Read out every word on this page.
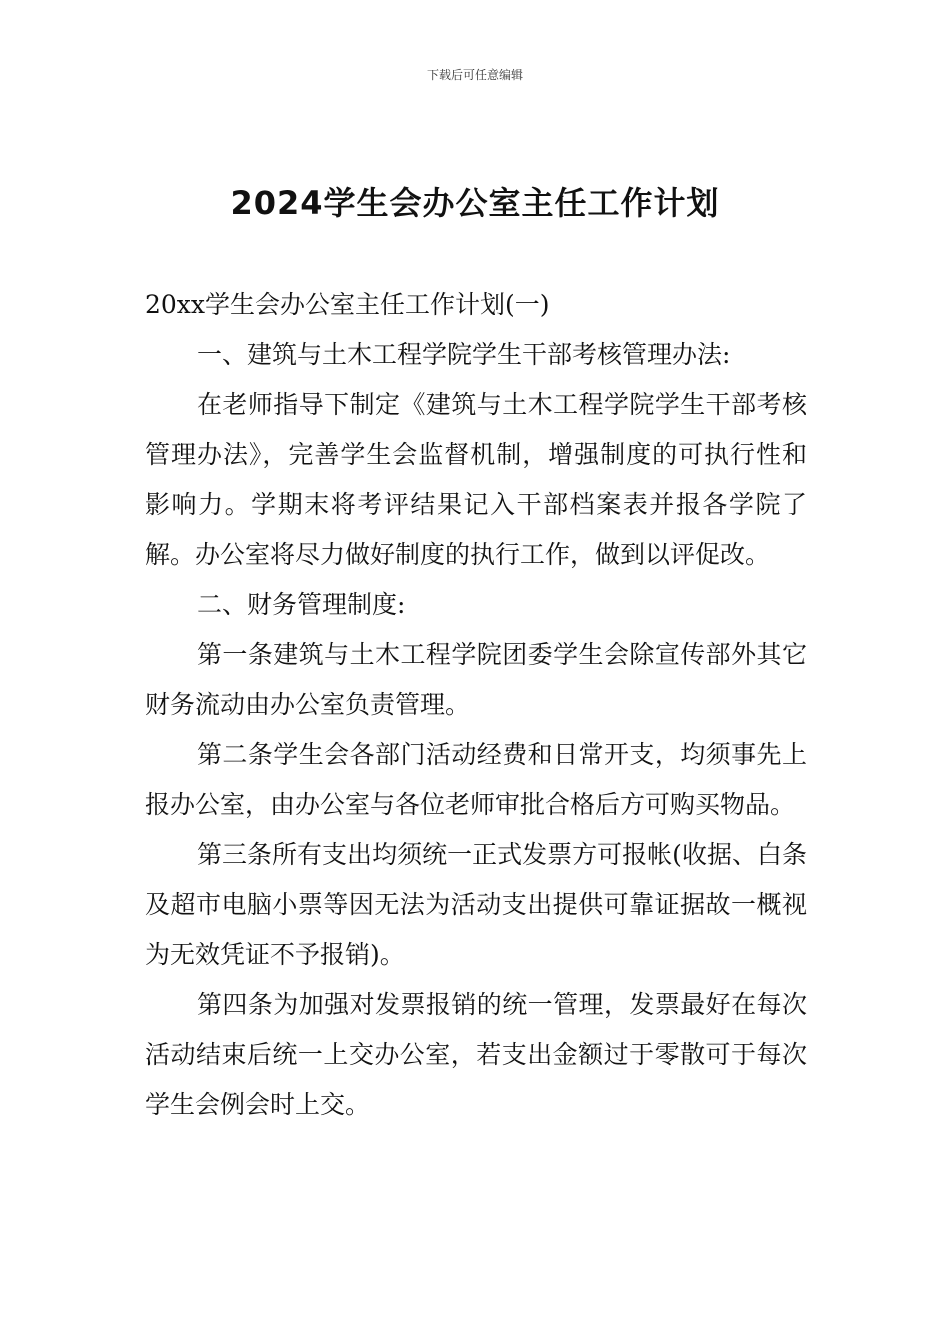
下载后可任意编辑
2024学生会办公室主任工作计划

20xx学生会办公室主任工作计划(一)

一、建筑与土木工程学院学生干部考核管理办法:

在老师指导下制定《建筑与土木工程学院学生干部考核管理办法》，完善学生会监督机制，增强制度的可执行性和影响力。学期末将考评结果记入干部档案表并报各学院了解。办公室将尽力做好制度的执行工作，做到以评促改。

二、财务管理制度:

第一条建筑与土木工程学院团委学生会除宣传部外其它财务流动由办公室负责管理。

第二条学生会各部门活动经费和日常开支，均须事先上报办公室，由办公室与各位老师审批合格后方可购买物品。

第三条所有支出均须统一正式发票方可报帐(收据、白条及超市电脑小票等因无法为活动支出提供可靠证据故一概视为无效凭证不予报销)。

第四条为加强对发票报销的统一管理，发票最好在每次活动结束后统一上交办公室，若支出金额过于零散可于每次学生会例会时上交。
